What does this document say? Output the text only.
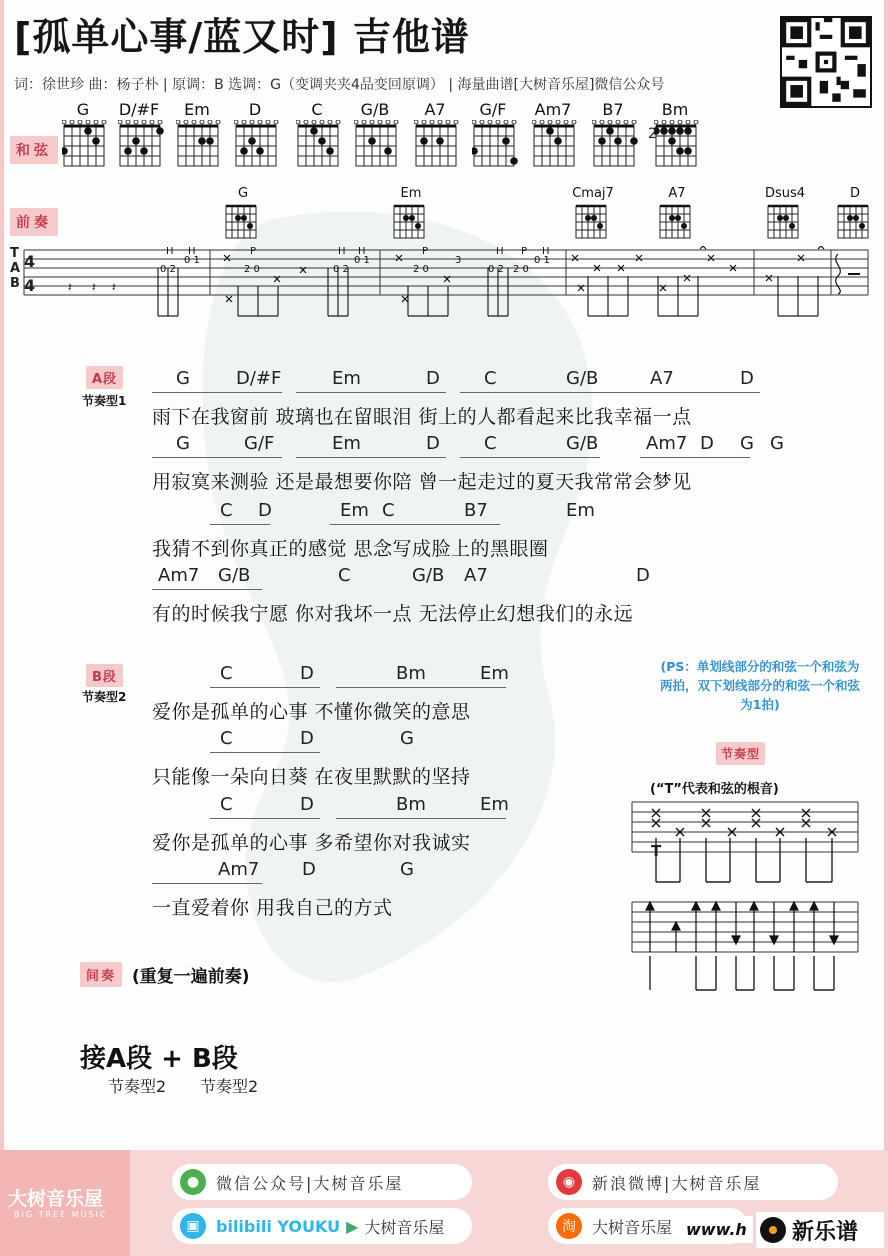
[孤单心事/蓝又时] 吉他谱
词：徐世珍 曲：杨子朴 | 原调：B 选调：G（变调夹夹4品变回原调） | 海量曲谱[大树音乐屋]微信公众号
和弦
G	D/#F	Em	D	C	G/B	A7	G/F	Am7	B7	Bm
2
前奏
G	Em	Cmaj7	A7	Dsus4	D
𝄽 𝄽 𝄽
0 2
0 1
2 0	0 2
0 1
2 0
3
0 2 2 0
0 1
H H	P	H H	P	H P H
T
A
B
4
4
A段
节奏型1
G	D/#F	Em	D C	G/B	A7	D
雨下在我窗前 玻璃也在留眼泪 街上的人都看起来比我幸福一点
G	G/F	Em	D C	G/B	Am7 D G G
用寂寞来测验 还是最想要你陪 曾一起走过的夏天我常常会梦见
C D	Em C	B7	Em
我猜不到你真正的感觉 思念写成脸上的黑眼圈
Am7 G/B	C	G/B A7	D
有的时候我宁愿 你对我坏一点 无法停止幻想我们的永远
B段
节奏型2
C	D	Bm	Em
爱你是孤单的心事 不懂你微笑的意思
C	D	G
只能像一朵向日葵 在夜里默默的坚持
C	D	Bm	Em
爱你是孤单的心事 多希望你对我诚实
Am7 D	G
一直爱着你 用我自己的方式
(PS：单划线部分的和弦一个和弦为两拍，双下划线部分的和弦一个和弦为1拍)
节奏型
(“T”代表和弦的根音)
T
间奏 (重复一遍前奏)
接A段 + B段
节奏型2 节奏型2
大树音乐屋
BIG TREE MUSIC
●	微信公众号|大树音乐屋	◉	新浪微博|大树音乐屋
▣	bilibili YOUKU ▶ 大树音乐屋	淘	大树音乐屋 www.h 新乐谱
